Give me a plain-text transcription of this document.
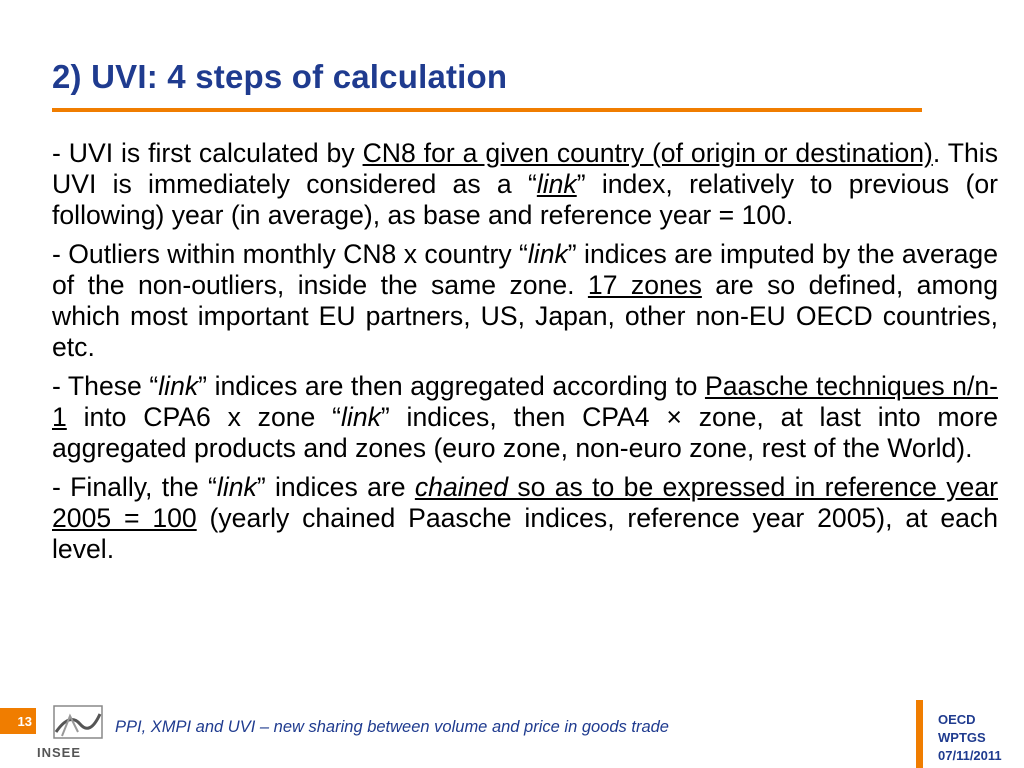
2) UVI: 4 steps of calculation

- UVI is first calculated by CN8 for a given country (of origin or destination). This UVI is immediately considered as a “link” index, relatively to previous (or following) year (in average), as base and reference year = 100.

- Outliers within monthly CN8 x country “link” indices are imputed by the average of the non-outliers, inside the same zone. 17 zones are so defined, among which most important EU partners, US, Japan, other non-EU OECD countries, etc.

- These “link” indices are then aggregated according to Paasche techniques n/n-1 into CPA6 x zone “link” indices, then CPA4 × zone, at last into more aggregated products and zones (euro zone, non-euro zone, rest of the World).

- Finally, the “link” indices are chained so as to be expressed in reference year 2005 = 100 (yearly chained Paasche indices, reference year 2005), at each level.

13
INSEE
PPI, XMPI and UVI – new sharing between volume and price in goods trade	OECD
WPTGS
07/11/2011
